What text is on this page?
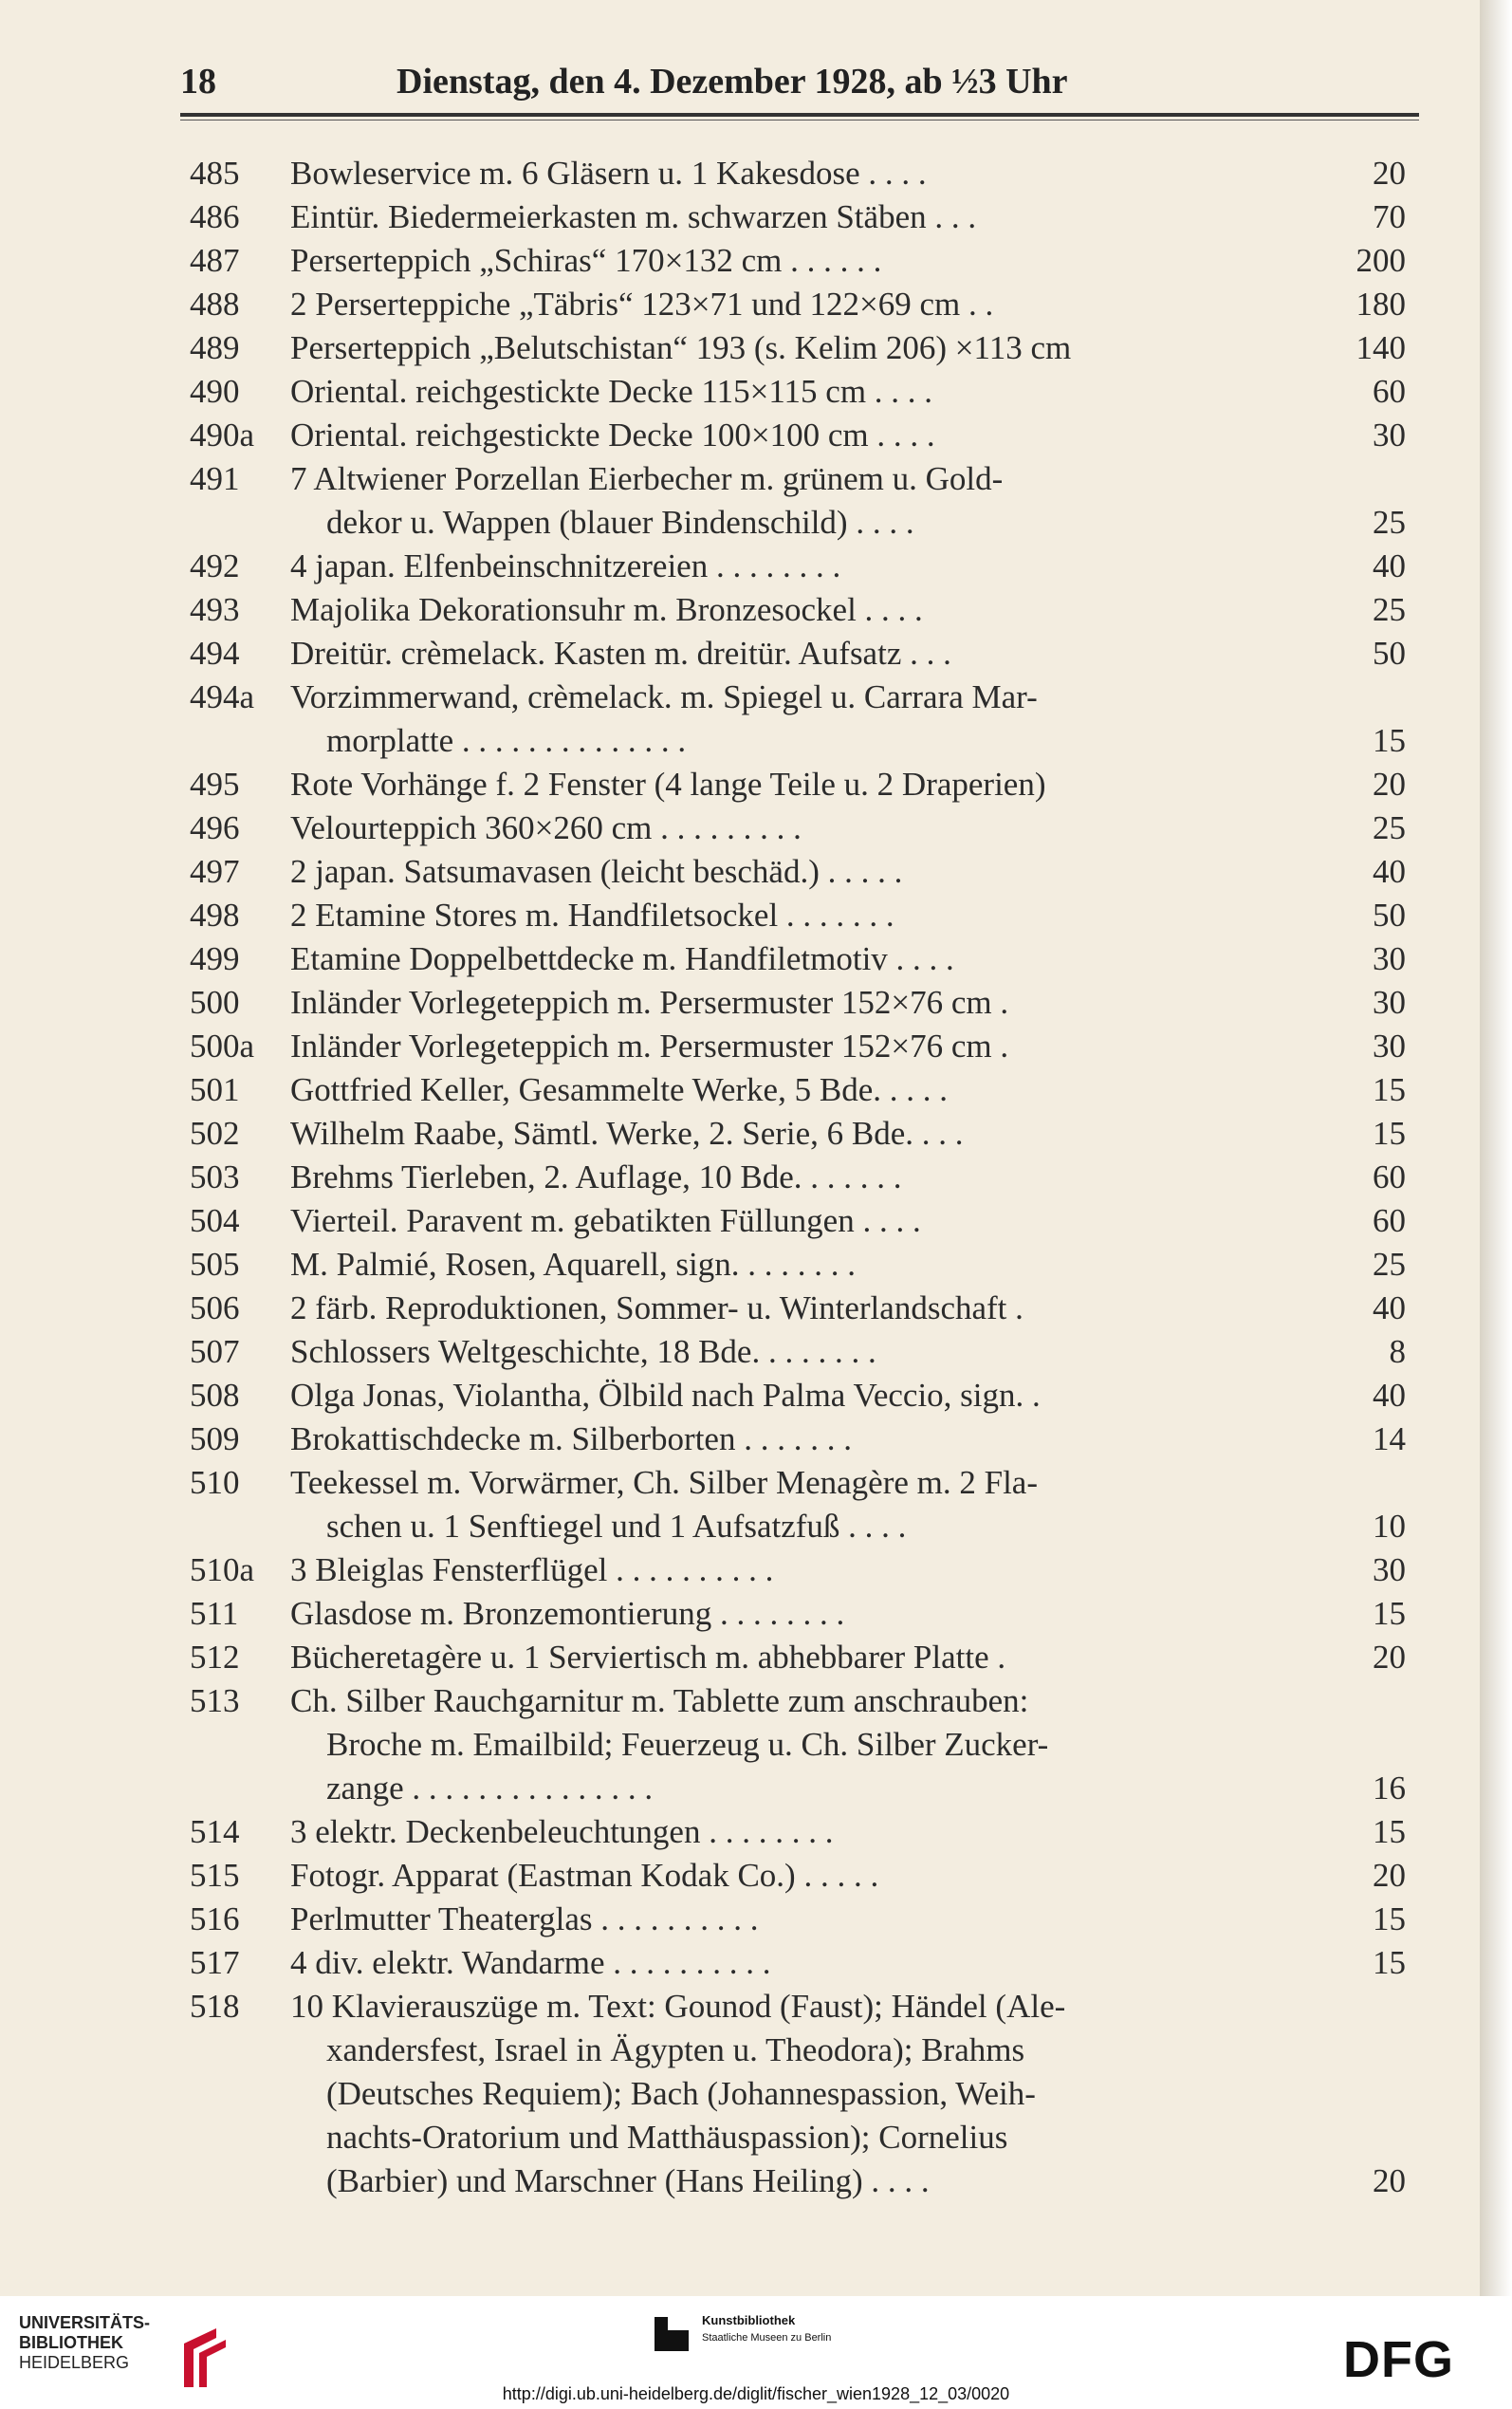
18	Dienstag, den 4. Dezember 1928, ab ½3 Uhr
485	Bowleservice m. 6 Gläsern u. 1 Kakesdose . . . .	20
486	Eintür. Biedermeierkasten m. schwarzen Stäben . . .	70
487	Perserteppich „Schiras“ 170×132 cm . . . . . .	200
488	2 Perserteppiche „Täbris“ 123×71 und 122×69 cm . .	180
489	Perserteppich „Belutschistan“ 193 (s. Kelim 206) ×113 cm	140
490	Oriental. reichgestickte Decke 115×115 cm . . . .	60
490a	Oriental. reichgestickte Decke 100×100 cm . . . .	30
491	7 Altwiener Porzellan Eierbecher m. grünem u. Gold-
dekor u. Wappen (blauer Bindenschild) . . . .	25
492	4 japan. Elfenbeinschnitzereien . . . . . . . .	40
493	Majolika Dekorationsuhr m. Bronzesockel . . . .	25
494	Dreitür. crèmelack. Kasten m. dreitür. Aufsatz . . .	50
494a	Vorzimmerwand, crèmelack. m. Spiegel u. Carrara Mar-
morplatte . . . . . . . . . . . . . .	15
495	Rote Vorhänge f. 2 Fenster (4 lange Teile u. 2 Draperien)	20
496	Velourteppich 360×260 cm . . . . . . . . .	25
497	2 japan. Satsumavasen (leicht beschäd.) . . . . .	40
498	2 Etamine Stores m. Handfiletsockel . . . . . . .	50
499	Etamine Doppelbettdecke m. Handfiletmotiv . . . .	30
500	Inländer Vorlegeteppich m. Persermuster 152×76 cm .	30
500a	Inländer Vorlegeteppich m. Persermuster 152×76 cm .	30
501	Gottfried Keller, Gesammelte Werke, 5 Bde. . . . .	15
502	Wilhelm Raabe, Sämtl. Werke, 2. Serie, 6 Bde. . . .	15
503	Brehms Tierleben, 2. Auflage, 10 Bde. . . . . . .	60
504	Vierteil. Paravent m. gebatikten Füllungen . . . .	60
505	M. Palmié, Rosen, Aquarell, sign. . . . . . . .	25
506	2 färb. Reproduktionen, Sommer- u. Winterlandschaft .	40
507	Schlossers Weltgeschichte, 18 Bde. . . . . . . .	8
508	Olga Jonas, Violantha, Ölbild nach Palma Veccio, sign. .	40
509	Brokattischdecke m. Silberborten . . . . . . .	14
510	Teekessel m. Vorwärmer, Ch. Silber Menagère m. 2 Fla-
schen u. 1 Senftiegel und 1 Aufsatzfuß . . . .	10
510a	3 Bleiglas Fensterflügel . . . . . . . . . .	30
511	Glasdose m. Bronzemontierung . . . . . . . .	15
512	Bücheretagère u. 1 Serviertisch m. abhebbarer Platte .	20
513	Ch. Silber Rauchgarnitur m. Tablette zum anschrauben:
Broche m. Emailbild; Feuerzeug u. Ch. Silber Zucker-
zange . . . . . . . . . . . . . . .	16
514	3 elektr. Deckenbeleuchtungen . . . . . . . .	15
515	Fotogr. Apparat (Eastman Kodak Co.) . . . . .	20
516	Perlmutter Theaterglas . . . . . . . . . .	15
517	4 div. elektr. Wandarme . . . . . . . . . .	15
518	10 Klavierauszüge m. Text: Gounod (Faust); Händel (Ale-
xandersfest, Israel in Ägypten u. Theodora); Brahms
(Deutsches Requiem); Bach (Johannespassion, Weih-
nachts-Oratorium und Matthäuspassion); Cornelius
(Barbier) und Marschner (Hans Heiling) . . . .	20
UNIVERSITÄTS-
BIBLIOTHEK
HEIDELBERG
Kunstbibliothek
Staatliche Museen zu Berlin	DFG
http://digi.ub.uni-heidelberg.de/diglit/fischer_wien1928_12_03/0020
